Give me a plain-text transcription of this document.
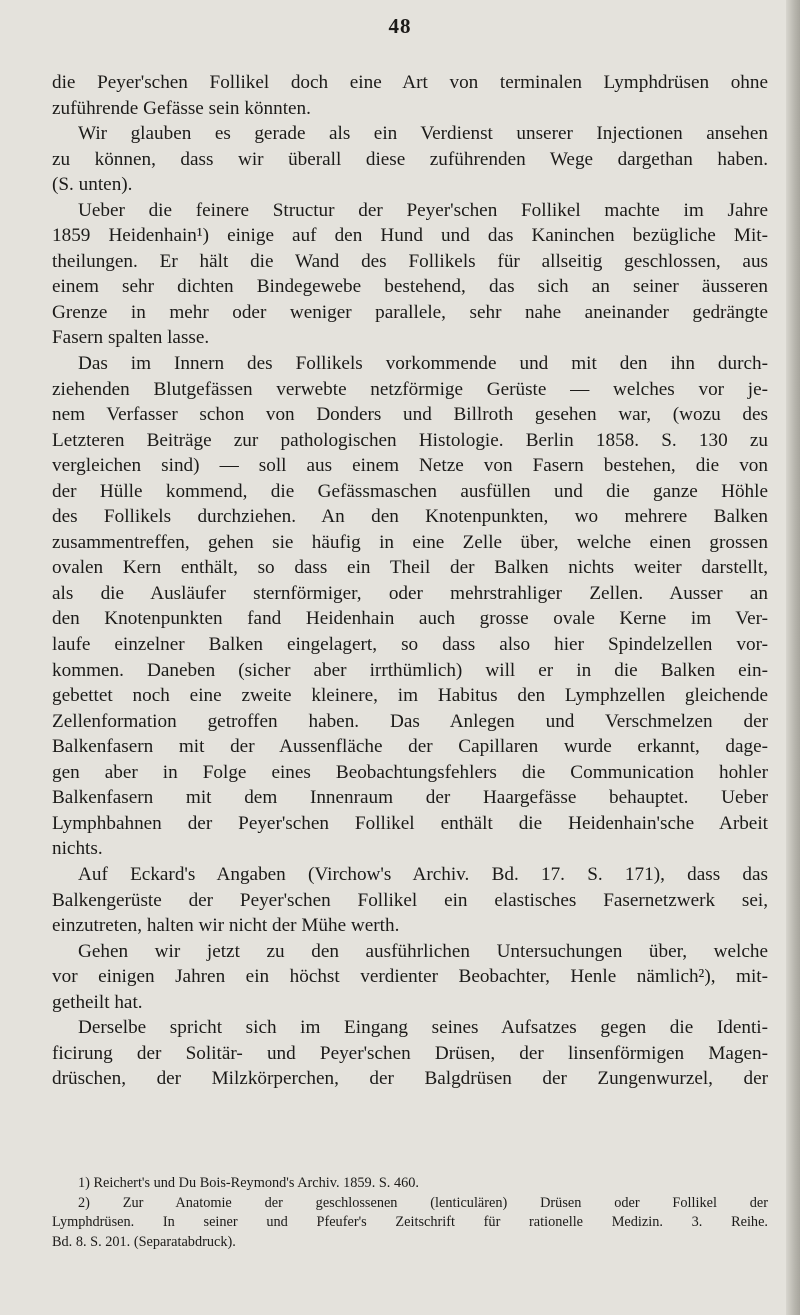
48
die Peyer'schen Follikel doch eine Art von terminalen Lymphdrüsen ohne
zuführende Gefässe sein könnten.
Wir glauben es gerade als ein Verdienst unserer Injectionen ansehen
zu können, dass wir überall diese zuführenden Wege dargethan haben.
(S. unten).
Ueber die feinere Structur der Peyer'schen Follikel machte im Jahre
1859 Heidenhain¹) einige auf den Hund und das Kaninchen bezügliche Mit-
theilungen. Er hält die Wand des Follikels für allseitig geschlossen, aus
einem sehr dichten Bindegewebe bestehend, das sich an seiner äusseren
Grenze in mehr oder weniger parallele, sehr nahe aneinander gedrängte
Fasern spalten lasse.
Das im Innern des Follikels vorkommende und mit den ihn durch-
ziehenden Blutgefässen verwebte netzförmige Gerüste — welches vor je-
nem Verfasser schon von Donders und Billroth gesehen war, (wozu des
Letzteren Beiträge zur pathologischen Histologie. Berlin 1858. S. 130 zu
vergleichen sind) — soll aus einem Netze von Fasern bestehen, die von
der Hülle kommend, die Gefässmaschen ausfüllen und die ganze Höhle
des Follikels durchziehen. An den Knotenpunkten, wo mehrere Balken
zusammentreffen, gehen sie häufig in eine Zelle über, welche einen grossen
ovalen Kern enthält, so dass ein Theil der Balken nichts weiter darstellt,
als die Ausläufer sternförmiger, oder mehrstrahliger Zellen. Ausser an
den Knotenpunkten fand Heidenhain auch grosse ovale Kerne im Ver-
laufe einzelner Balken eingelagert, so dass also hier Spindelzellen vor-
kommen. Daneben (sicher aber irrthümlich) will er in die Balken ein-
gebettet noch eine zweite kleinere, im Habitus den Lymphzellen gleichende
Zellenformation getroffen haben. Das Anlegen und Verschmelzen der
Balkenfasern mit der Aussenfläche der Capillaren wurde erkannt, dage-
gen aber in Folge eines Beobachtungsfehlers die Communication hohler
Balkenfasern mit dem Innenraum der Haargefässe behauptet. Ueber
Lymphbahnen der Peyer'schen Follikel enthält die Heidenhain'sche Arbeit
nichts.
Auf Eckard's Angaben (Virchow's Archiv. Bd. 17. S. 171), dass das
Balkengerüste der Peyer'schen Follikel ein elastisches Fasernetzwerk sei,
einzutreten, halten wir nicht der Mühe werth.
Gehen wir jetzt zu den ausführlichen Untersuchungen über, welche
vor einigen Jahren ein höchst verdienter Beobachter, Henle nämlich²), mit-
getheilt hat.
Derselbe spricht sich im Eingang seines Aufsatzes gegen die Identi-
ficirung der Solitär- und Peyer'schen Drüsen, der linsenförmigen Magen-
drüschen, der Milzkörperchen, der Balgdrüsen der Zungenwurzel, der
1) Reichert's und Du Bois-Reymond's Archiv. 1859. S. 460.
2) Zur Anatomie der geschlossenen (lenticulären) Drüsen oder Follikel der
Lymphdrüsen. In seiner und Pfeufer's Zeitschrift für rationelle Medizin. 3. Reihe.
Bd. 8. S. 201. (Separatabdruck).
